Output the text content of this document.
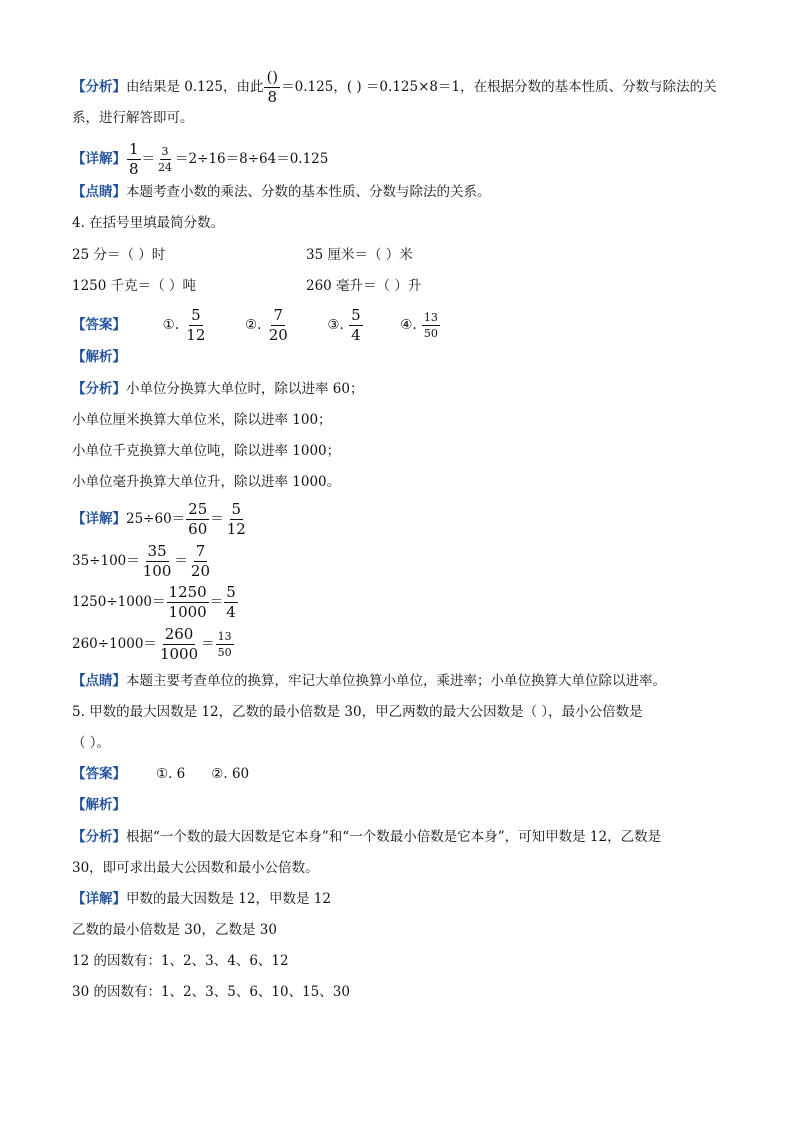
【分析】由结果是 0.125，由此 $\frac{()}{8} =0.125$，( ) ＝0.125×8＝1，在根据分数的基本性质、分数与除法的关
系，进行解答即可。
【详解】 $\frac{1}{8} = \frac{3}{24} =2\div 16=8\div 64=0.125$
【点睛】本题考查小数的乘法、分数的基本性质、分数与除法的关系。
4. 在括号里填最简分数。
25 分＝（ ）时	35 厘米＝（ ）米
1250 千克＝（ ）吨	260 毫升＝（ ）升
【答案】	①. $\frac{5}{12}$	②. $\frac{7}{20}$	③. $\frac{5}{4}$	④. $\frac{13}{50}$
【解析】
【分析】小单位分换算大单位时，除以进率 60；
小单位厘米换算大单位米，除以进率 100；
小单位千克换算大单位吨，除以进率 1000；
小单位毫升换算大单位升，除以进率 1000。
【详解】$25\div 60= \frac{25}{60} = \frac{5}{12}$
$35\div 100= \frac{35}{100} = \frac{7}{20}$
$1250\div 1000= \frac{1250}{1000} = \frac{5}{4}$
$260\div 1000= \frac{260}{1000} = \frac{13}{50}$
【点睛】本题主要考查单位的换算，牢记大单位换算小单位，乘进率；小单位换算大单位除以进率。
5. 甲数的最大因数是 12，乙数的最小倍数是 30，甲乙两数的最大公因数是（ ），最小公倍数是
（ ）。
【答案】 ①. 6 ②. 60
【解析】
【分析】根据“一个数的最大因数是它本身”和“一个数最小倍数是它本身”，可知甲数是 12，乙数是
30，即可求出最大公因数和最小公倍数。
【详解】甲数的最大因数是 12，甲数是 12
乙数的最小倍数是 30，乙数是 30
12 的因数有：1、2、3、4、6、12
30 的因数有：1、2、3、5、6、10、15、30
